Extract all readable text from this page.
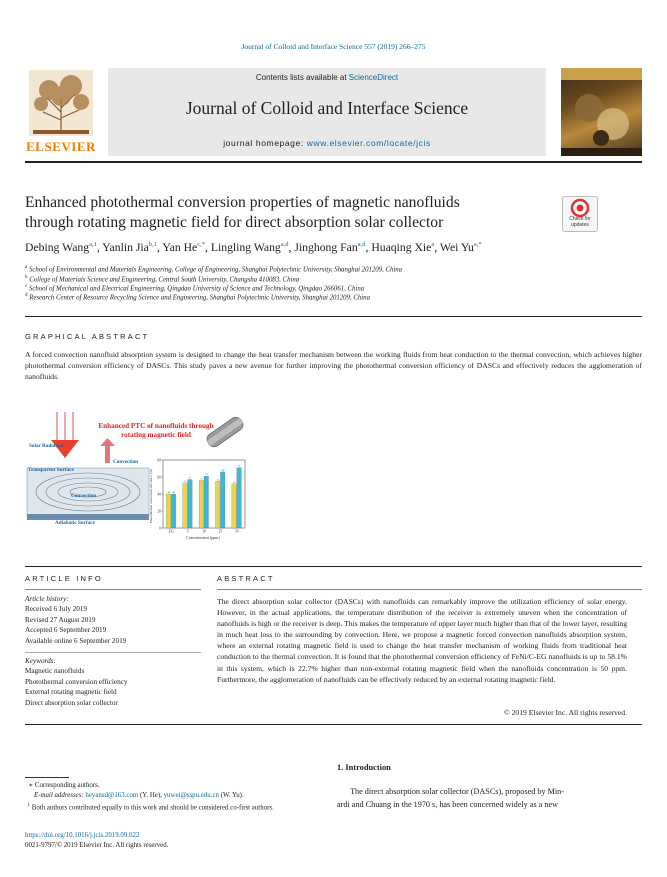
Journal of Colloid and Interface Science 557 (2019) 266–275
ELSEVIER
Contents lists available at ScienceDirect
Journal of Colloid and Interface Science
journal homepage: www.elsevier.com/locate/jcis
Enhanced photothermal conversion properties of magnetic nanofluids
through rotating magnetic field for direct absorption solar collector	Check for updates
Debing Wang$^{a,1}$, Yanlin Jia$^{b,1}$, Yan $He^{c,*}$, Lingling Wang$^{a,d}$, Jinghong Fan$^{a,d}$, Huaqing Xie$^a$, Wei $Yu^{a,*}$
$^a$ School of Environmental and Materials Engineering, College of Engineering, Shanghai Polytechnic University, Shanghai 201209, China
$^b$ College of Materials Science and Engineering, Central South University, Changsha 410083, China
$^c$ School of Mechanical and Electrical Engineering, Qingdao University of Science and Technology, Qingdao 266061, China
$^d$ Research Center of Resource Recycling Science and Engineering, Shanghai Polytechnic University, Shanghai 201209, China
GRAPHICAL ABSTRACT
A forced convection nanofluid absorption system is designed to change the heat transfer mechanism between the working fluids from heat conduction to the thermal convection, which achieves higher photothermal conversion efficiency of DASCs. This study paves a new avenue for further improving the photothermal conversion efficiency of DASCs and effectively reduces the agglomeration of nanofluids.
Enhanced PTC of nanofluids through rotating magnetic field
Solar Radiation
Convection
Transparent Surface
Convection
Adiabatic Surface
40	40
53
57	56
61
55
66
52
71
0
20
40
60
80
EG	5	10	25	50
Concentration (ppm)
Photothermal conversion efficiency (%)
ARTICLE INFO
Article history:
Received 6 July 2019
Revised 27 August 2019
Accepted 6 September 2019
Available online 6 September 2019
Keywords:
Magnetic nanofluids
Photothermal conversion efficiency
External rotating magnetic field
Direct absorption solar collector
ABSTRACT
The direct absorption solar collector (DASCs) with nanofluids can remarkably improve the utilization efficiency of solar energy. However, in the actual applications, the temperature distribution of the receiver is extremely uneven when the concentration of nanofluids is high or the receiver is deep. This makes the temperature of upper layer much higher than that of the lower layer, resulting in much heat loss to the surrounding by convection. Here, we propose a magnetic forced convection nanofluids absorption system, where an external rotating magnetic field is used to change the heat transfer mechanism of working fluids from traditional heat conduction to the thermal convection. It is found that the photothermal conversion efficiency of FeNi/C-EG nanofluids is up to 58.1% in this system, which is 22.7% higher than non-external rotating magnetic field when the nanofluids concentration is 50 ppm. Furthermore, the agglomeration of nanofluids can be effectively reduced by an external rotating magnetic field.
© 2019 Elsevier Inc. All rights reserved.
1. Introduction
The direct absorption solar collector (DASCs), proposed by Min-
ardi and Chuang in the 1970 s, has been concerned widely as a new
∗ Corresponding authors.
E-mail addresses: heyansd@163.com (Y. He), yuwei@sspu.edu.cn (W. Yu).
$^1$ Both authors contributed equally to this work and should be considered co-first authors.
https://doi.org/10.1016/j.jcis.2019.09.022
0021-9797/© 2019 Elsevier Inc. All rights reserved.
